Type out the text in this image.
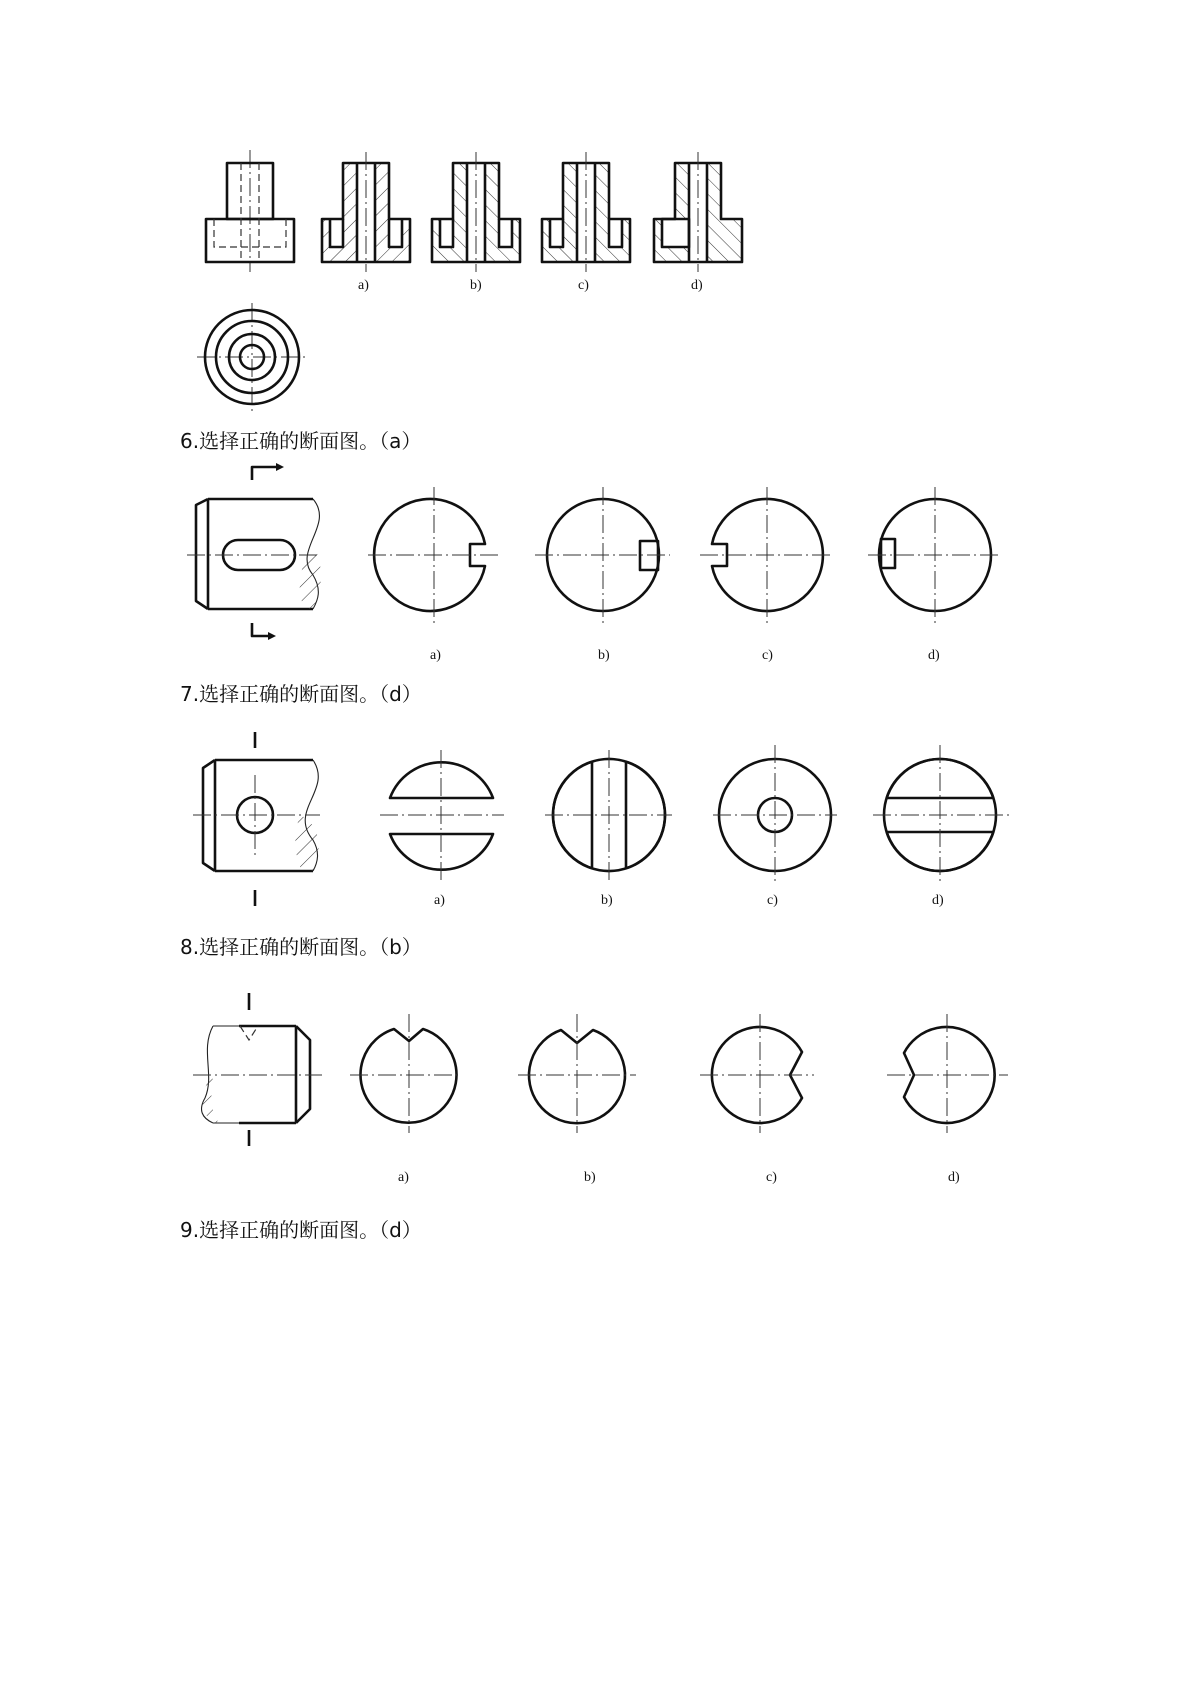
a)	b)	c)	d)
6.选择正确的断面图。（a）
a)	b)	c)	d)
7.选择正确的断面图。（d）
a)	b)	c)	d)
8.选择正确的断面图。（b）
a)	b)	c)	d)
9.选择正确的断面图。（d）
